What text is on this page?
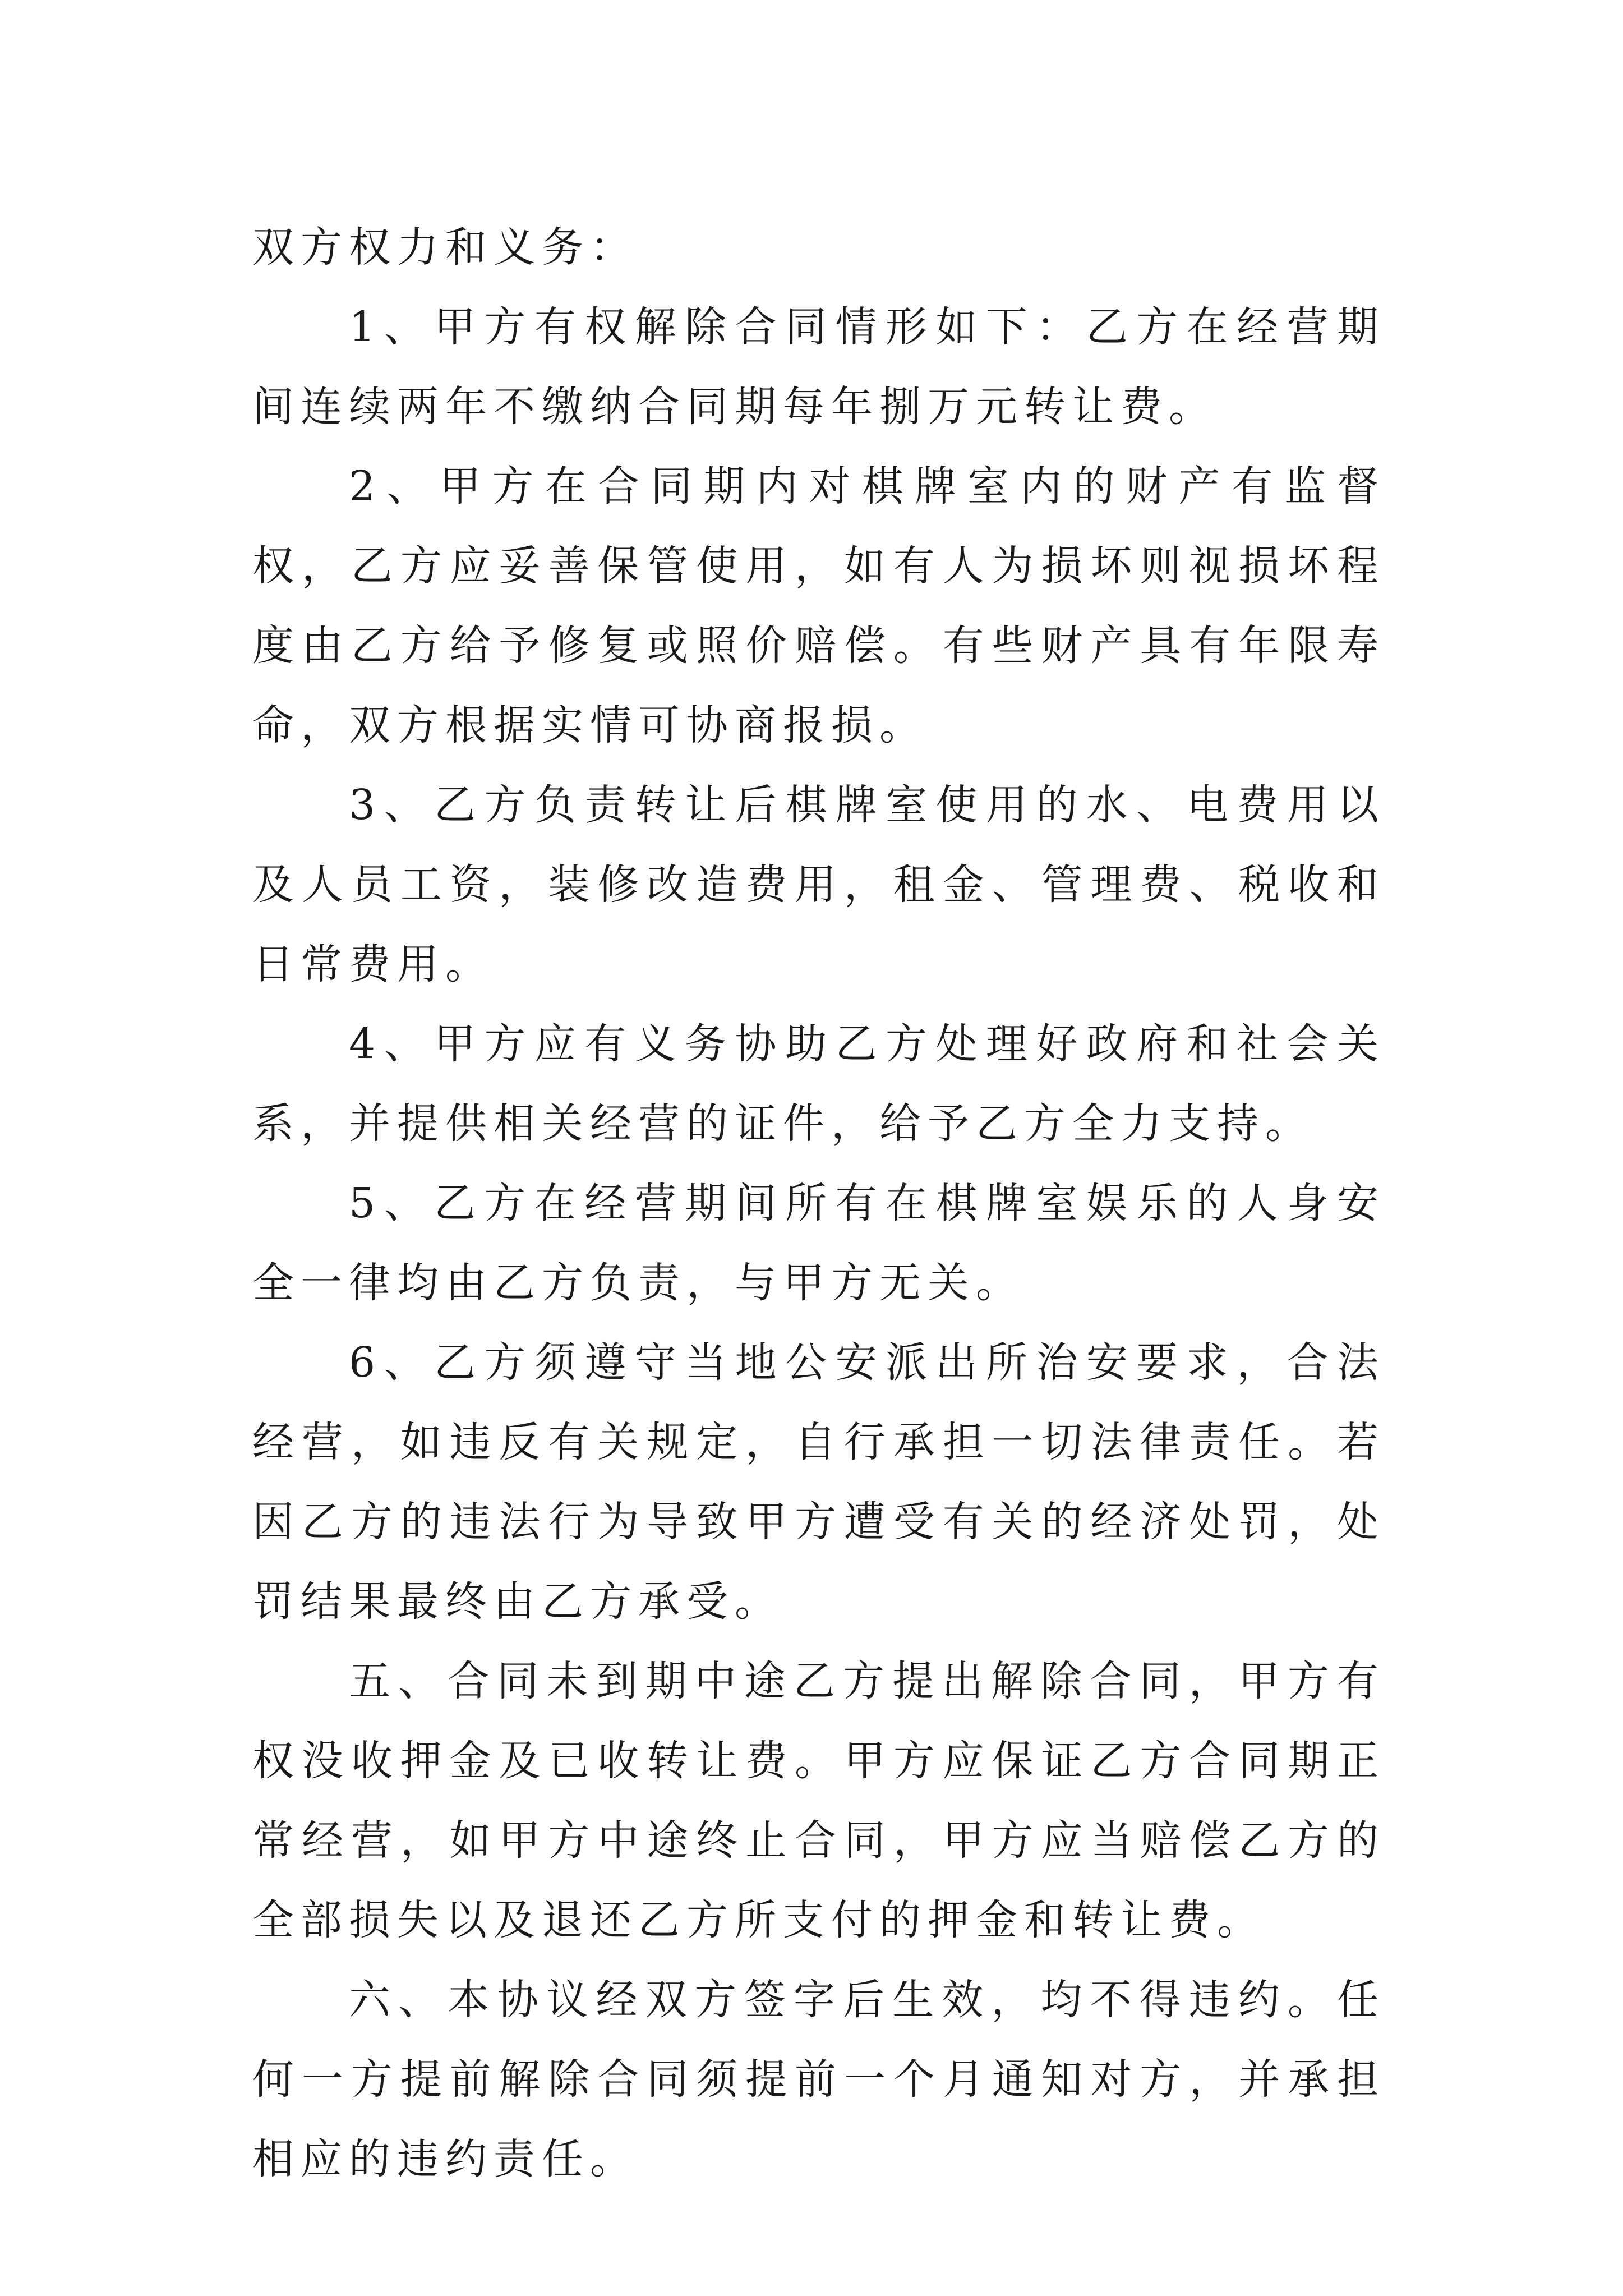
双方权力和义务：

1、甲方有权解除合同情形如下：乙方在经营期间连续两年不缴纳合同期每年捌万元转让费。

2、甲方在合同期内对棋牌室内的财产有监督权，乙方应妥善保管使用，如有人为损坏则视损坏程度由乙方给予修复或照价赔偿。有些财产具有年限寿命，双方根据实情可协商报损。

3、乙方负责转让后棋牌室使用的水、电费用以及人员工资，装修改造费用，租金、管理费、税收和日常费用。

4、甲方应有义务协助乙方处理好政府和社会关系，并提供相关经营的证件，给予乙方全力支持。

5、乙方在经营期间所有在棋牌室娱乐的人身安全一律均由乙方负责，与甲方无关。

6、乙方须遵守当地公安派出所治安要求，合法经营，如违反有关规定，自行承担一切法律责任。若因乙方的违法行为导致甲方遭受有关的经济处罚，处罚结果最终由乙方承受。

五、合同未到期中途乙方提出解除合同，甲方有权没收押金及已收转让费。甲方应保证乙方合同期正常经营，如甲方中途终止合同，甲方应当赔偿乙方的全部损失以及退还乙方所支付的押金和转让费。

六、本协议经双方签字后生效，均不得违约。任何一方提前解除合同须提前一个月通知对方，并承担相应的违约责任。
